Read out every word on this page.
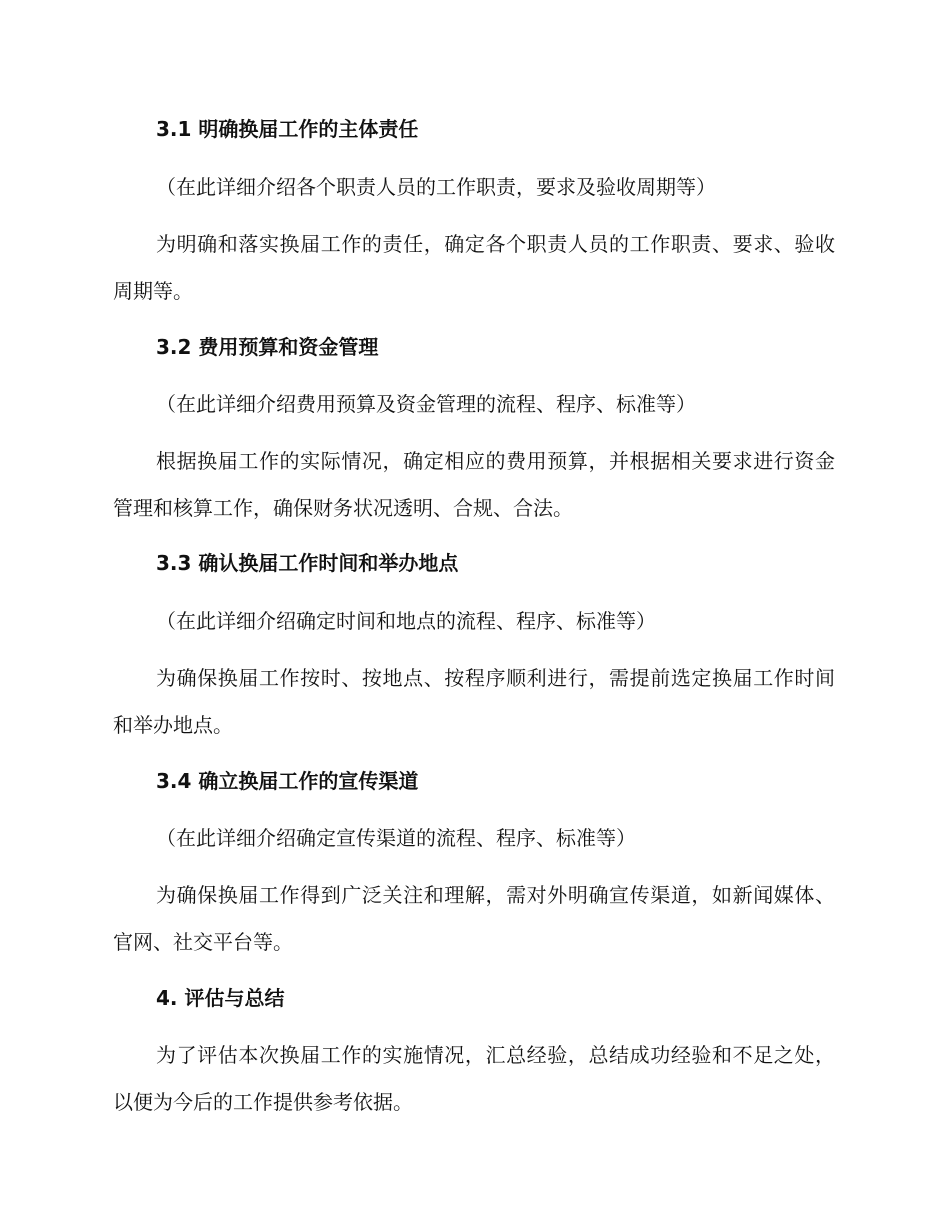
3.1 明确换届工作的主体责任

（在此详细介绍各个职责人员的工作职责，要求及验收周期等）

为明确和落实换届工作的责任，确定各个职责人员的工作职责、要求、验收周期等。

3.2 费用预算和资金管理

（在此详细介绍费用预算及资金管理的流程、程序、标准等）

根据换届工作的实际情况，确定相应的费用预算，并根据相关要求进行资金管理和核算工作，确保财务状况透明、合规、合法。

3.3 确认换届工作时间和举办地点

（在此详细介绍确定时间和地点的流程、程序、标准等）

为确保换届工作按时、按地点、按程序顺利进行，需提前选定换届工作时间和举办地点。

3.4 确立换届工作的宣传渠道

（在此详细介绍确定宣传渠道的流程、程序、标准等）

为确保换届工作得到广泛关注和理解，需对外明确宣传渠道，如新闻媒体、官网、社交平台等。

4. 评估与总结

为了评估本次换届工作的实施情况，汇总经验，总结成功经验和不足之处，以便为今后的工作提供参考依据。
